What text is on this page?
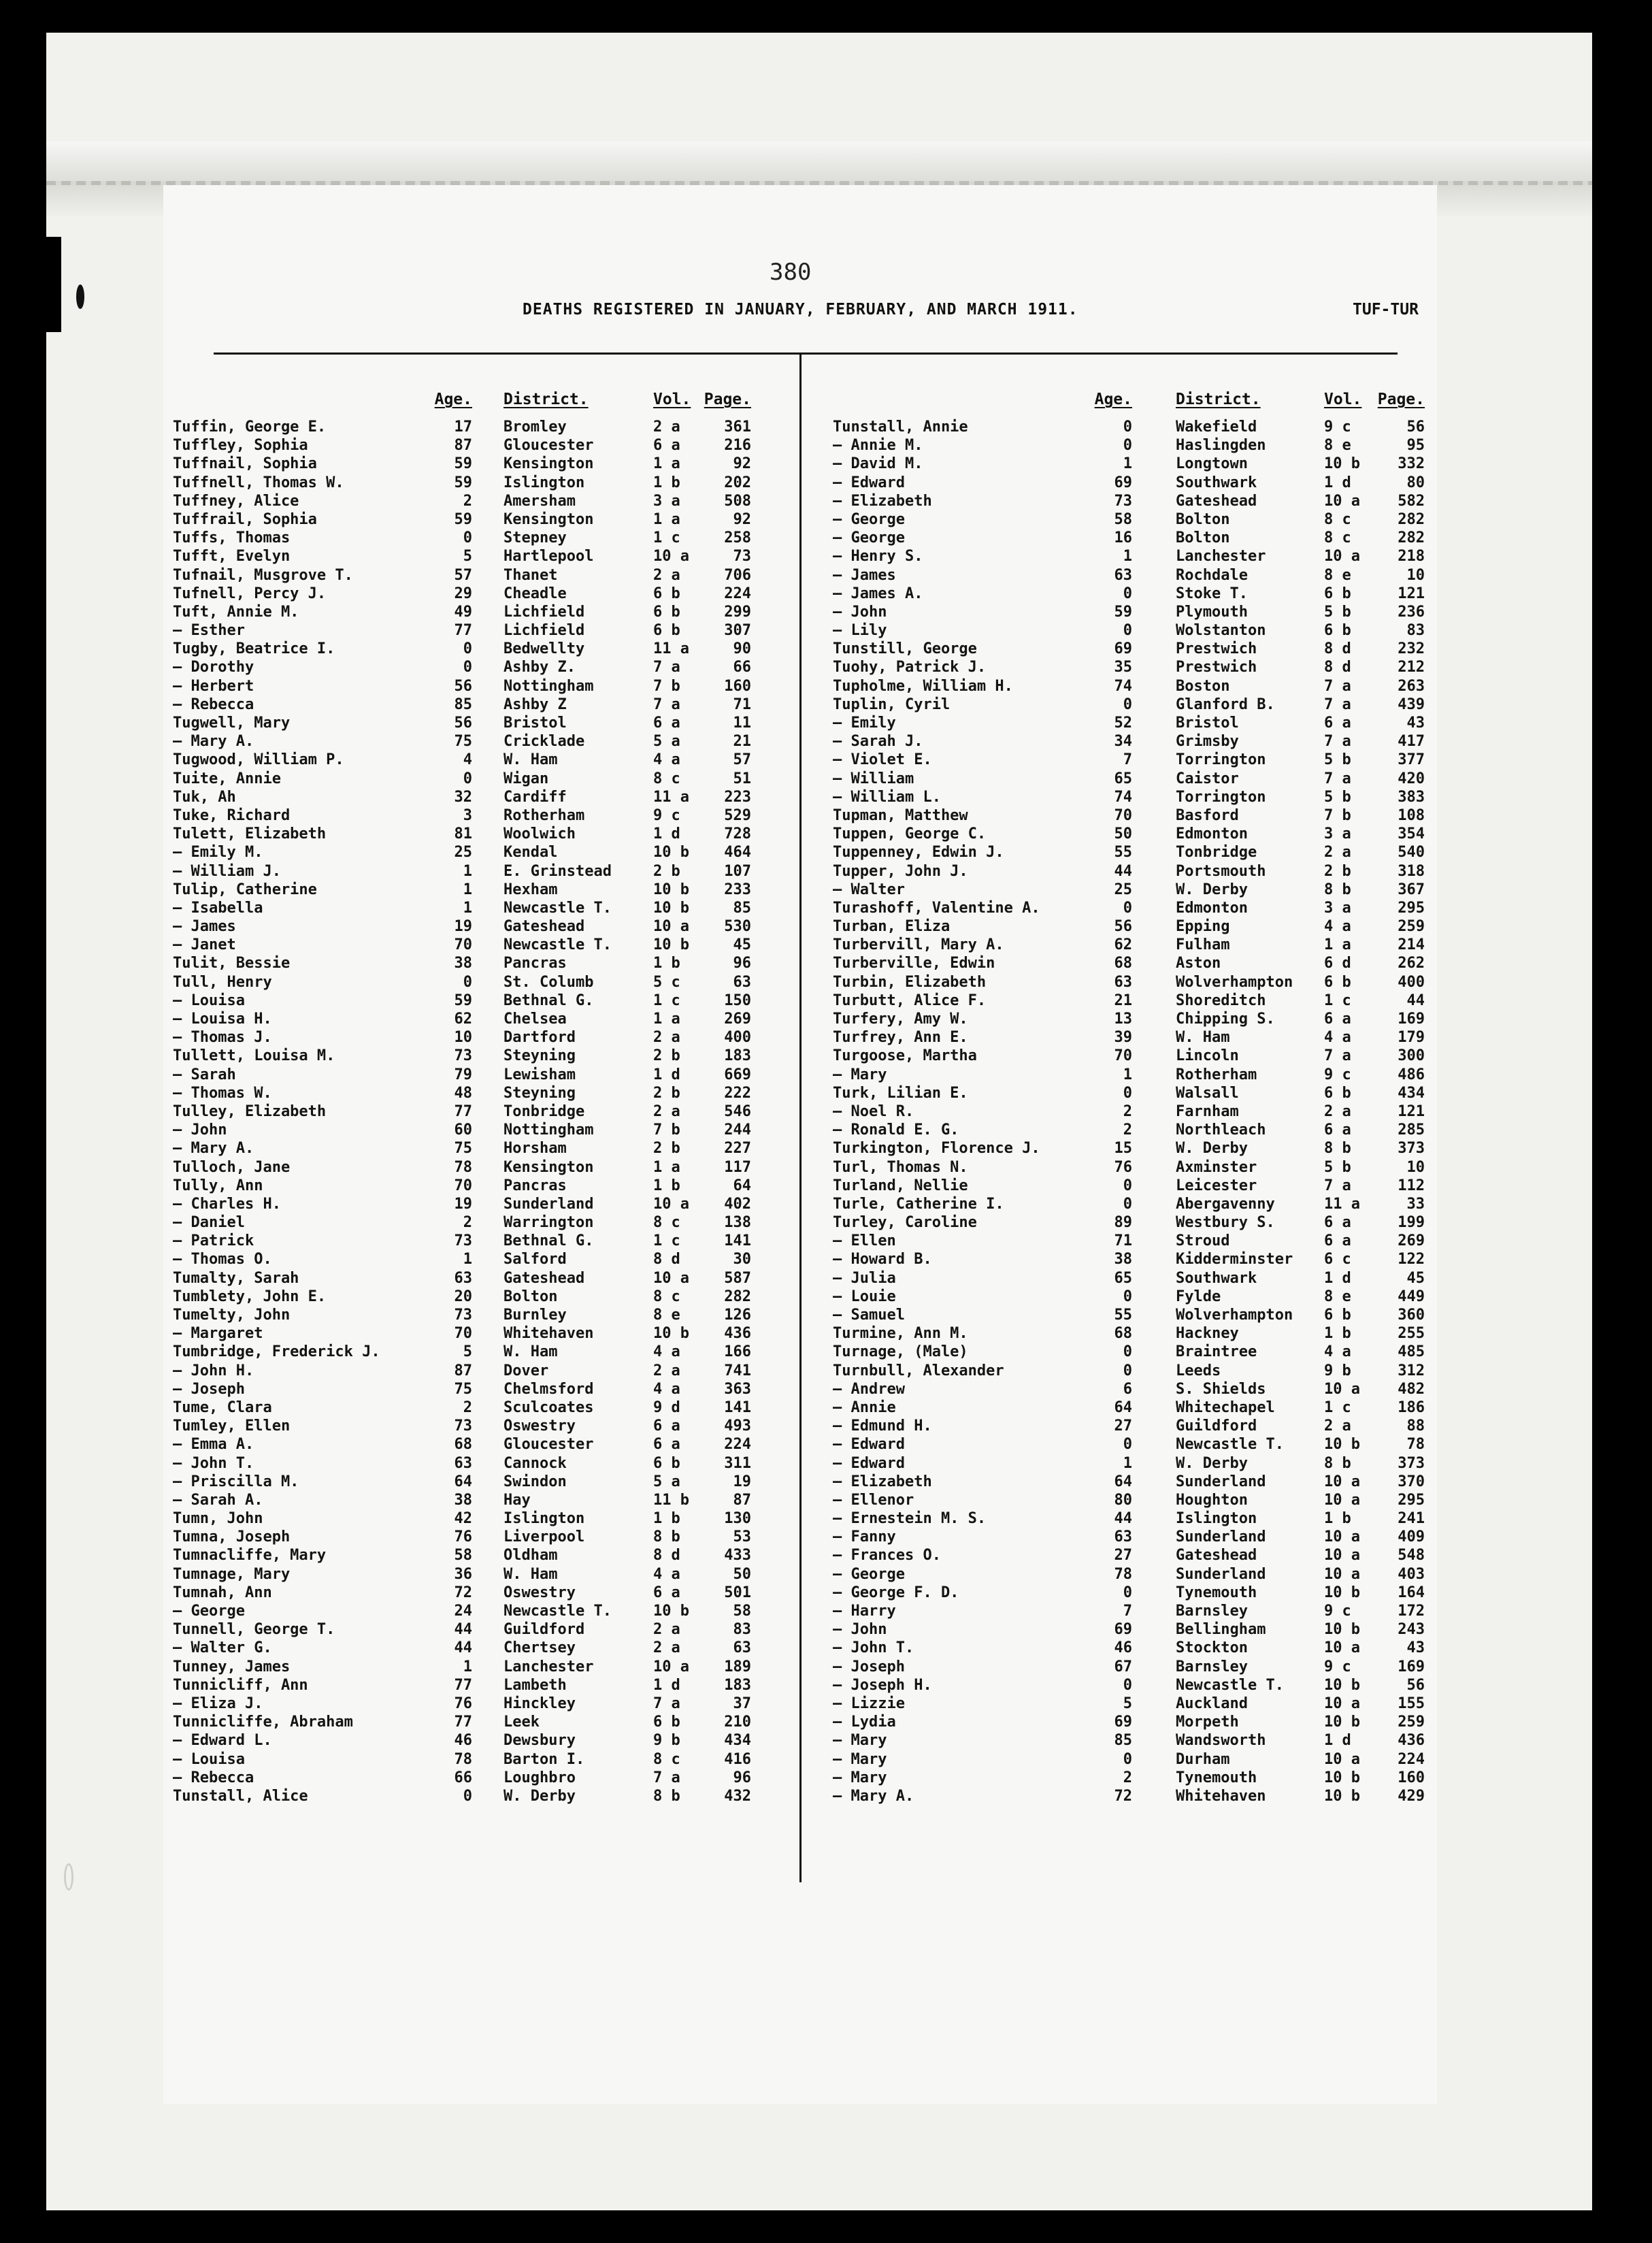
380
DEATHS REGISTERED IN JANUARY, FEBRUARY, AND MARCH 1911.	TUF-TUR
Age. District.	Vol. Page.
Tuffin, George E.	17 Bromley	2 a	361
Tuffley, Sophia	87 Gloucester	6 a	216
Tuffnail, Sophia	59 Kensington	1 a	92
Tuffnell, Thomas W.	59 Islington	1 b	202
Tuffney, Alice	2 Amersham	3 a	508
Tuffrail, Sophia	59 Kensington	1 a	92
Tuffs, Thomas	0 Stepney	1 c	258
Tufft, Evelyn	5 Hartlepool	10 a	73
Tufnail, Musgrove T.	57 Thanet	2 a	706
Tufnell, Percy J.	29 Cheadle	6 b	224
Tuft, Annie M.	49 Lichfield	6 b	299
— Esther	77 Lichfield	6 b	307
Tugby, Beatrice I.	0 Bedwellty	11 a	90
— Dorothy	0 Ashby Z.	7 a	66
— Herbert	56 Nottingham	7 b	160
— Rebecca	85 Ashby Z	7 a	71
Tugwell, Mary	56 Bristol	6 a	11
— Mary A.	75 Cricklade	5 a	21
Tugwood, William P.	4 W. Ham	4 a	57
Tuite, Annie	0 Wigan	8 c	51
Tuk, Ah	32 Cardiff	11 a	223
Tuke, Richard	3 Rotherham	9 c	529
Tulett, Elizabeth	81 Woolwich	1 d	728
— Emily M.	25 Kendal	10 b	464
— William J.	1 E. Grinstead	2 b	107
Tulip, Catherine	1 Hexham	10 b	233
— Isabella	1 Newcastle T.	10 b	85
— James	19 Gateshead	10 a	530
— Janet	70 Newcastle T.	10 b	45
Tulit, Bessie	38 Pancras	1 b	96
Tull, Henry	0 St. Columb	5 c	63
— Louisa	59 Bethnal G.	1 c	150
— Louisa H.	62 Chelsea	1 a	269
— Thomas J.	10 Dartford	2 a	400
Tullett, Louisa M.	73 Steyning	2 b	183
— Sarah	79 Lewisham	1 d	669
— Thomas W.	48 Steyning	2 b	222
Tulley, Elizabeth	77 Tonbridge	2 a	546
— John	60 Nottingham	7 b	244
— Mary A.	75 Horsham	2 b	227
Tulloch, Jane	78 Kensington	1 a	117
Tully, Ann	70 Pancras	1 b	64
— Charles H.	19 Sunderland	10 a	402
— Daniel	2 Warrington	8 c	138
— Patrick	73 Bethnal G.	1 c	141
— Thomas O.	1 Salford	8 d	30
Tumalty, Sarah	63 Gateshead	10 a	587
Tumblety, John E.	20 Bolton	8 c	282
Tumelty, John	73 Burnley	8 e	126
— Margaret	70 Whitehaven	10 b	436
Tumbridge, Frederick J.	5 W. Ham	4 a	166
— John H.	87 Dover	2 a	741
— Joseph	75 Chelmsford	4 a	363
Tume, Clara	2 Sculcoates	9 d	141
Tumley, Ellen	73 Oswestry	6 a	493
— Emma A.	68 Gloucester	6 a	224
— John T.	63 Cannock	6 b	311
— Priscilla M.	64 Swindon	5 a	19
— Sarah A.	38 Hay	11 b	87
Tumn, John	42 Islington	1 b	130
Tumna, Joseph	76 Liverpool	8 b	53
Tumnacliffe, Mary	58 Oldham	8 d	433
Tumnage, Mary	36 W. Ham	4 a	50
Tumnah, Ann	72 Oswestry	6 a	501
— George	24 Newcastle T.	10 b	58
Tunnell, George T.	44 Guildford	2 a	83
— Walter G.	44 Chertsey	2 a	63
Tunney, James	1 Lanchester	10 a	189
Tunnicliff, Ann	77 Lambeth	1 d	183
— Eliza J.	76 Hinckley	7 a	37
Tunnicliffe, Abraham	77 Leek	6 b	210
— Edward L.	46 Dewsbury	9 b	434
— Louisa	78 Barton I.	8 c	416
— Rebecca	66 Loughbro	7 a	96
Tunstall, Alice	0 W. Derby	8 b	432
Age.	District.	Vol. Page.
Tunstall, Annie	0	Wakefield	9 c	56
— Annie M.	0	Haslingden	8 e	95
— David M.	1	Longtown	10 b	332
— Edward	69	Southwark	1 d	80
— Elizabeth	73	Gateshead	10 a	582
— George	58	Bolton	8 c	282
— George	16	Bolton	8 c	282
— Henry S.	1	Lanchester	10 a	218
— James	63	Rochdale	8 e	10
— James A.	0	Stoke T.	6 b	121
— John	59	Plymouth	5 b	236
— Lily	0	Wolstanton	6 b	83
Tunstill, George	69	Prestwich	8 d	232
Tuohy, Patrick J.	35	Prestwich	8 d	212
Tupholme, William H.	74	Boston	7 a	263
Tuplin, Cyril	0	Glanford B.	7 a	439
— Emily	52	Bristol	6 a	43
— Sarah J.	34	Grimsby	7 a	417
— Violet E.	7	Torrington	5 b	377
— William	65	Caistor	7 a	420
— William L.	74	Torrington	5 b	383
Tupman, Matthew	70	Basford	7 b	108
Tuppen, George C.	50	Edmonton	3 a	354
Tuppenney, Edwin J.	55	Tonbridge	2 a	540
Tupper, John J.	44	Portsmouth	2 b	318
— Walter	25	W. Derby	8 b	367
Turashoff, Valentine A.	0	Edmonton	3 a	295
Turban, Eliza	56	Epping	4 a	259
Turbervill, Mary A.	62	Fulham	1 a	214
Turberville, Edwin	68	Aston	6 d	262
Turbin, Elizabeth	63	Wolverhampton 6 b	400
Turbutt, Alice F.	21	Shoreditch	1 c	44
Turfery, Amy W.	13	Chipping S.	6 a	169
Turfrey, Ann E.	39	W. Ham	4 a	179
Turgoose, Martha	70	Lincoln	7 a	300
— Mary	1	Rotherham	9 c	486
Turk, Lilian E.	0	Walsall	6 b	434
— Noel R.	2	Farnham	2 a	121
— Ronald E. G.	2	Northleach	6 a	285
Turkington, Florence J.	15	W. Derby	8 b	373
Turl, Thomas N.	76	Axminster	5 b	10
Turland, Nellie	0	Leicester	7 a	112
Turle, Catherine I.	0	Abergavenny	11 a	33
Turley, Caroline	89	Westbury S.	6 a	199
— Ellen	71	Stroud	6 a	269
— Howard B.	38	Kidderminster 6 c	122
— Julia	65	Southwark	1 d	45
— Louie	0	Fylde	8 e	449
— Samuel	55	Wolverhampton 6 b	360
Turmine, Ann M.	68	Hackney	1 b	255
Turnage, (Male)	0	Braintree	4 a	485
Turnbull, Alexander	0	Leeds	9 b	312
— Andrew	6	S. Shields	10 a	482
— Annie	64	Whitechapel	1 c	186
— Edmund H.	27	Guildford	2 a	88
— Edward	0	Newcastle T.	10 b	78
— Edward	1	W. Derby	8 b	373
— Elizabeth	64	Sunderland	10 a	370
— Ellenor	80	Houghton	10 a	295
— Ernestein M. S.	44	Islington	1 b	241
— Fanny	63	Sunderland	10 a	409
— Frances O.	27	Gateshead	10 a	548
— George	78	Sunderland	10 a	403
— George F. D.	0	Tynemouth	10 b	164
— Harry	7	Barnsley	9 c	172
— John	69	Bellingham	10 b	243
— John T.	46	Stockton	10 a	43
— Joseph	67	Barnsley	9 c	169
— Joseph H.	0	Newcastle T.	10 b	56
— Lizzie	5	Auckland	10 a	155
— Lydia	69	Morpeth	10 b	259
— Mary	85	Wandsworth	1 d	436
— Mary	0	Durham	10 a	224
— Mary	2	Tynemouth	10 b	160
— Mary A.	72	Whitehaven	10 b	429
